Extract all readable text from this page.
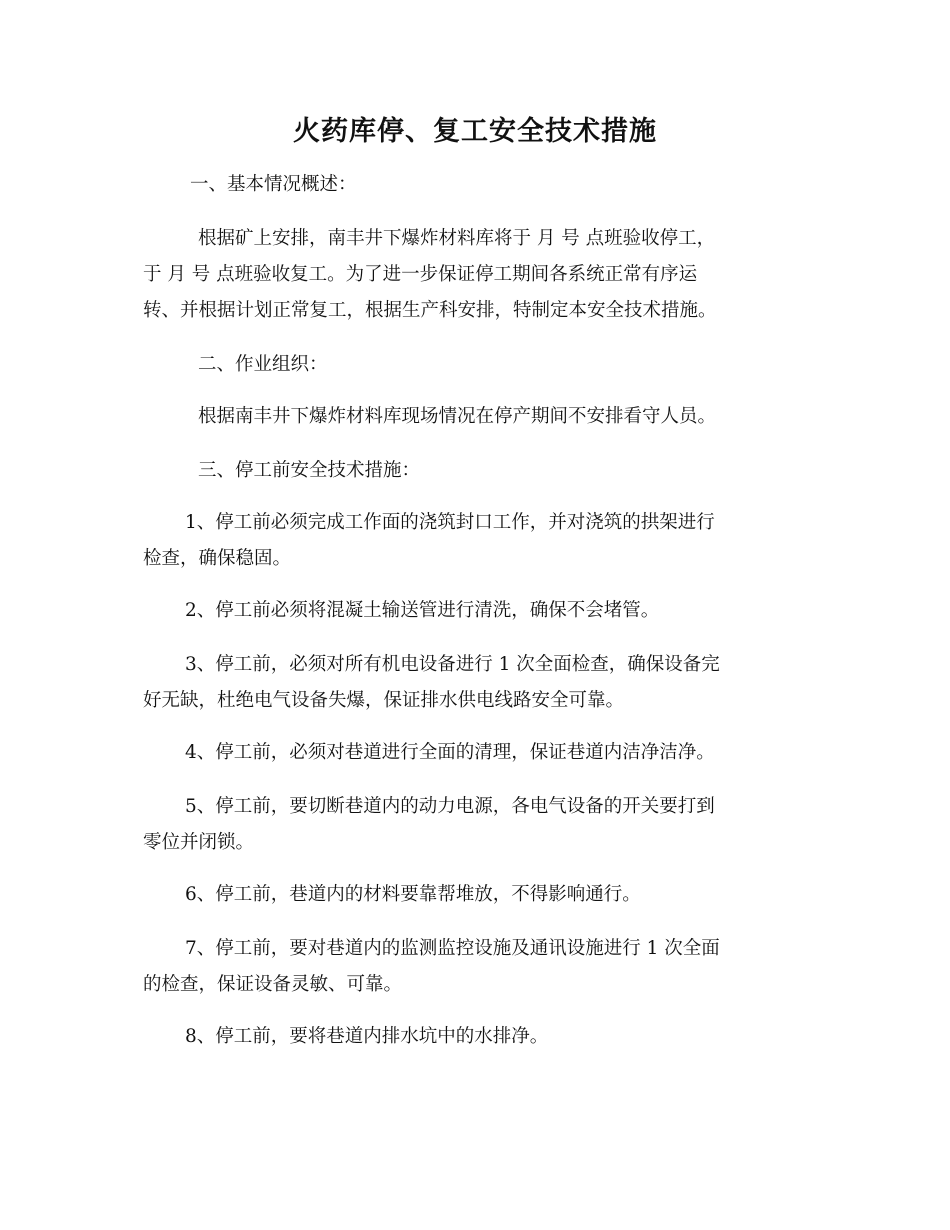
火药库停、复工安全技术措施
一、基本情况概述：
根据矿上安排，南丰井下爆炸材料库将于 月 号 点班验收停工，
于 月 号 点班验收复工。为了进一步保证停工期间各系统正常有序运
转、并根据计划正常复工，根据生产科安排，特制定本安全技术措施。
二、作业组织：
根据南丰井下爆炸材料库现场情况在停产期间不安排看守人员。
三、停工前安全技术措施：
1、停工前必须完成工作面的浇筑封口工作，并对浇筑的拱架进行
检查，确保稳固。
2、停工前必须将混凝土输送管进行清洗，确保不会堵管。
3、停工前，必须对所有机电设备进行 1 次全面检查，确保设备完
好无缺，杜绝电气设备失爆，保证排水供电线路安全可靠。
4、停工前，必须对巷道进行全面的清理，保证巷道内洁净洁净。
5、停工前，要切断巷道内的动力电源，各电气设备的开关要打到
零位并闭锁。
6、停工前，巷道内的材料要靠帮堆放，不得影响通行。
7、停工前，要对巷道内的监测监控设施及通讯设施进行 1 次全面
的检查，保证设备灵敏、可靠。
8、停工前，要将巷道内排水坑中的水排净。
